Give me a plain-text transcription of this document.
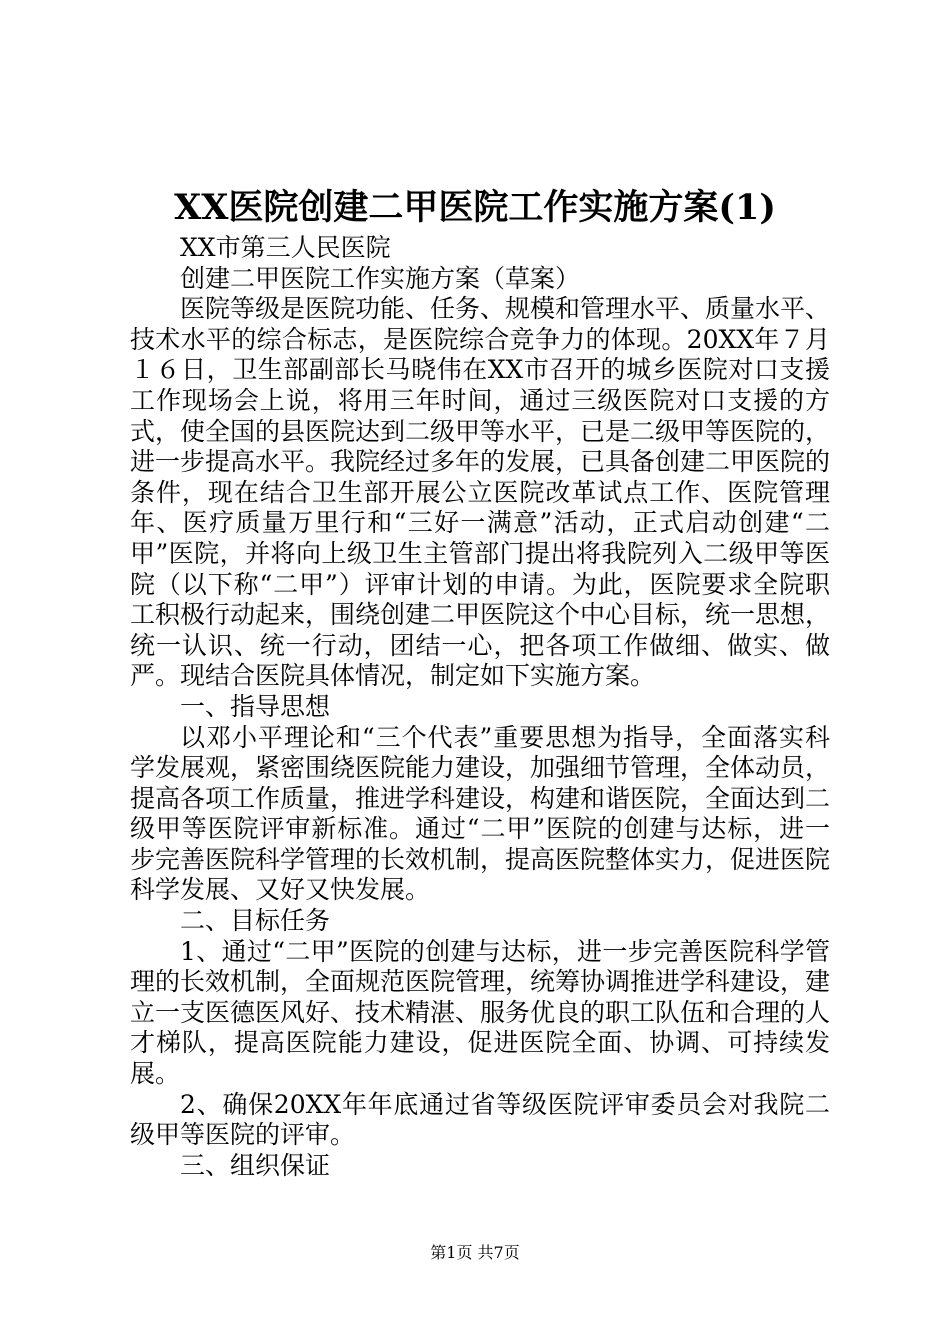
XX医院创建二甲医院工作实施方案(1)

XX市第三人民医院

创建二甲医院工作实施方案（草案）

医院等级是医院功能、任务、规模和管理水平、质量水平、技术水平的综合标志，是医院综合竞争力的体现。20XX年７月１６日，卫生部副部长马晓伟在XX市召开的城乡医院对口支援工作现场会上说，将用三年时间，通过三级医院对口支援的方式，使全国的县医院达到二级甲等水平，已是二级甲等医院的，进一步提高水平。我院经过多年的发展，已具备创建二甲医院的条件，现在结合卫生部开展公立医院改革试点工作、医院管理年、医疗质量万里行和“三好一满意”活动，正式启动创建“二甲”医院，并将向上级卫生主管部门提出将我院列入二级甲等医院（以下称“二甲”）评审计划的申请。为此，医院要求全院职工积极行动起来，围绕创建二甲医院这个中心目标，统一思想，统一认识、统一行动，团结一心，把各项工作做细、做实、做严。现结合医院具体情况，制定如下实施方案。

一、指导思想

以邓小平理论和“三个代表”重要思想为指导，全面落实科学发展观，紧密围绕医院能力建设，加强细节管理，全体动员，提高各项工作质量，推进学科建设，构建和谐医院，全面达到二级甲等医院评审新标准。通过“二甲”医院的创建与达标，进一步完善医院科学管理的长效机制，提高医院整体实力，促进医院科学发展、又好又快发展。

二、目标任务

1、通过“二甲”医院的创建与达标，进一步完善医院科学管理的长效机制，全面规范医院管理，统筹协调推进学科建设，建立一支医德医风好、技术精湛、服务优良的职工队伍和合理的人才梯队，提高医院能力建设，促进医院全面、协调、可持续发展。

2、确保20XX年年底通过省等级医院评审委员会对我院二级甲等医院的评审。

三、组织保证

第1页 共7页
